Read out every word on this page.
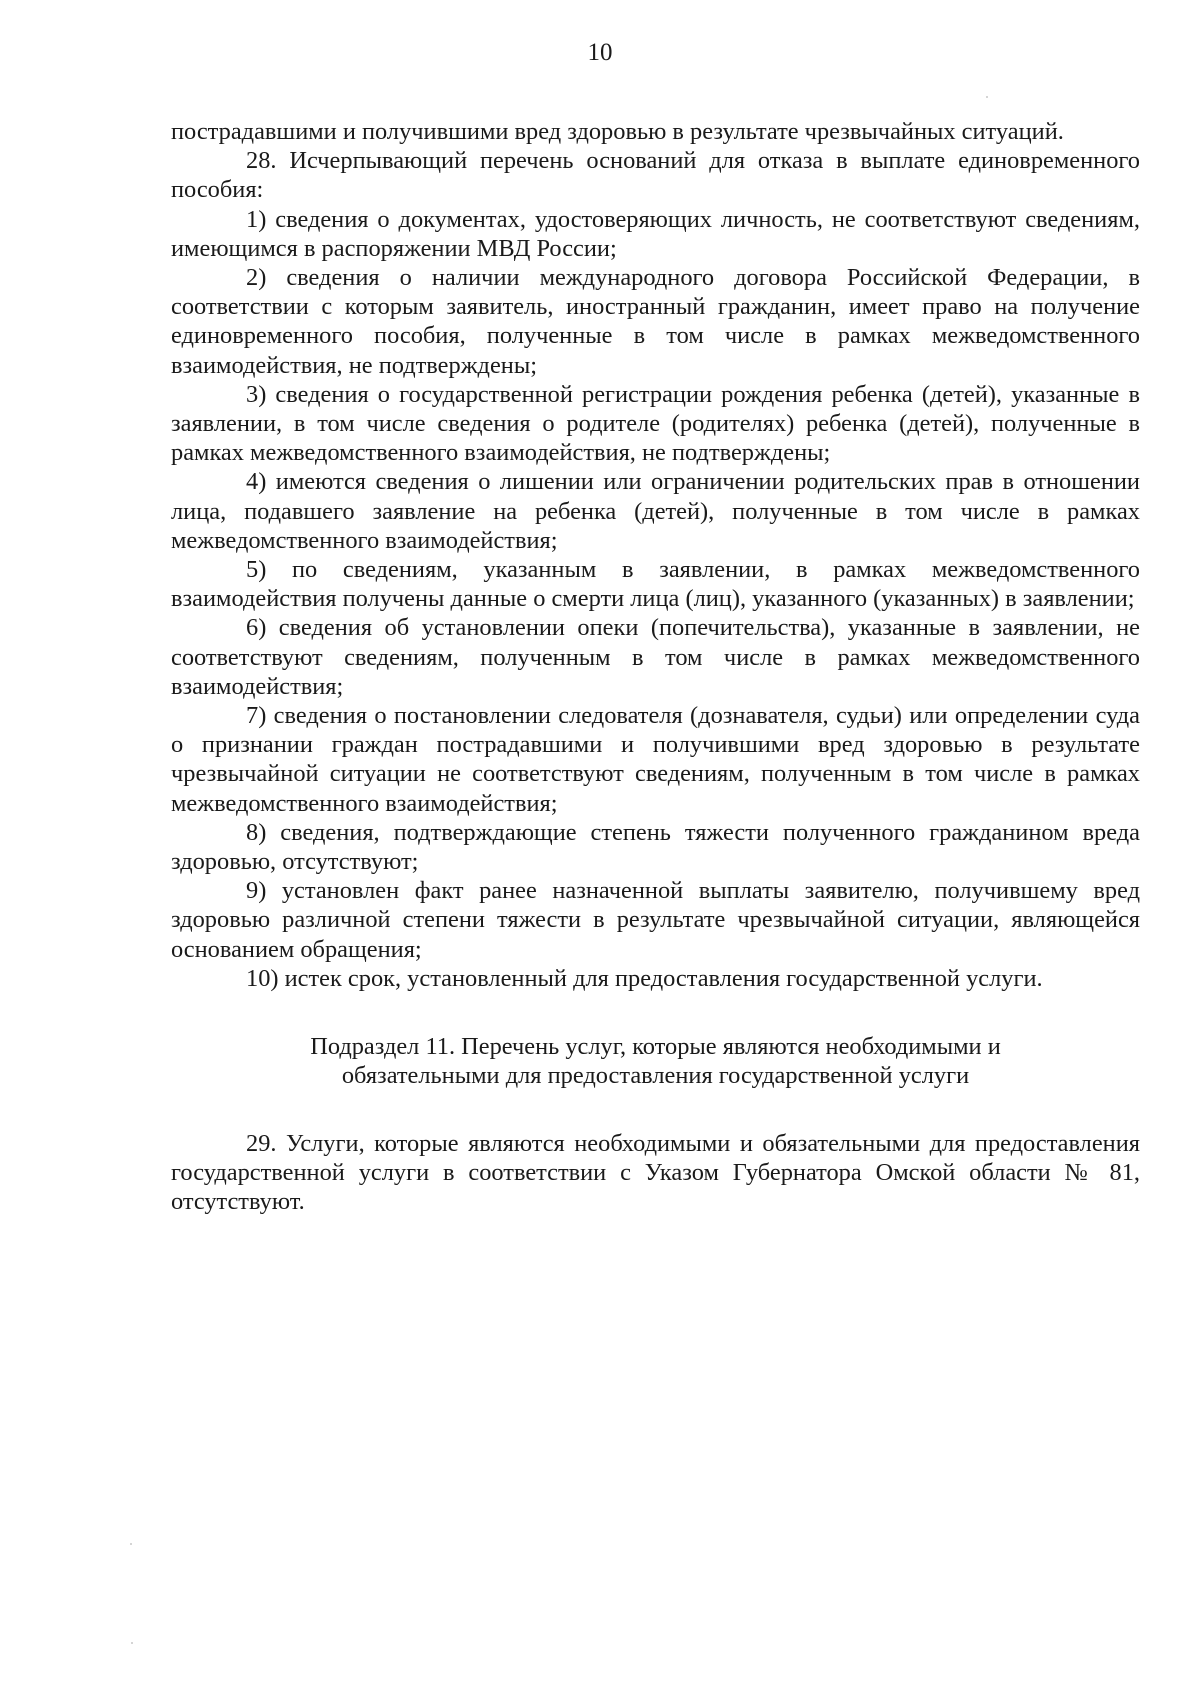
10

пострадавшими и получившими вред здоровью в результате чрезвычайных ситуаций.

28. Исчерпывающий перечень оснований для отказа в выплате единовременного пособия:

1) сведения о документах, удостоверяющих личность, не соответствуют сведениям, имеющимся в распоряжении МВД России;

2) сведения о наличии международного договора Российской Федерации, в соответствии с которым заявитель, иностранный гражданин, имеет право на получение единовременного пособия, полученные в том числе в рамках межведомственного взаимодействия, не подтверждены;

3) сведения о государственной регистрации рождения ребенка (детей), указанные в заявлении, в том числе сведения о родителе (родителях) ребенка (детей), полученные в рамках межведомственного взаимодействия, не подтверждены;

4) имеются сведения о лишении или ограничении родительских прав в отношении лица, подавшего заявление на ребенка (детей), полученные в том числе в рамках межведомственного взаимодействия;

5) по сведениям, указанным в заявлении, в рамках межведомственного взаимодействия получены данные о смерти лица (лиц), указанного (указанных) в заявлении;

6) сведения об установлении опеки (попечительства), указанные в заявлении, не соответствуют сведениям, полученным в том числе в рамках межведомственного взаимодействия;

7) сведения о постановлении следователя (дознавателя, судьи) или определении суда о признании граждан пострадавшими и получившими вред здоровью в результате чрезвычайной ситуации не соответствуют сведениям, полученным в том числе в рамках межведомственного взаимодействия;

8) сведения, подтверждающие степень тяжести полученного гражданином вреда здоровью, отсутствуют;

9) установлен факт ранее назначенной выплаты заявителю, получившему вред здоровью различной степени тяжести в результате чрезвычайной ситуации, являющейся основанием обращения;

10) истек срок, установленный для предоставления государственной услуги.

Подраздел 11. Перечень услуг, которые являются необходимыми и обязательными для предоставления государственной услуги

29. Услуги, которые являются необходимыми и обязательными для предоставления государственной услуги в соответствии с Указом Губернатора Омской области № 81, отсутствуют.
